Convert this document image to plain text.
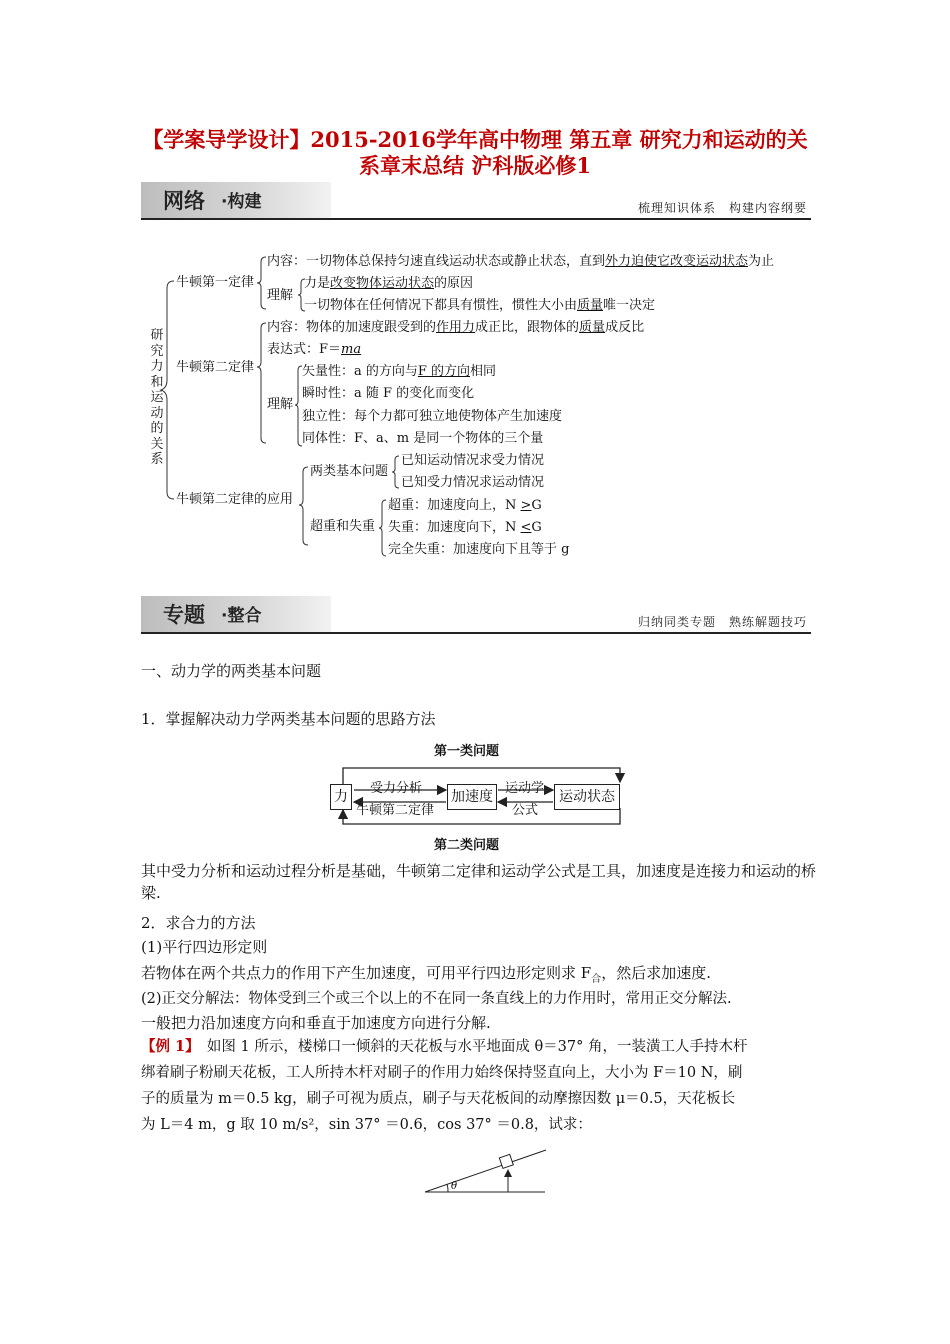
【学案导学设计】2015-2016学年高中物理 第五章 研究力和运动的关
系章末总结 沪科版必修1
网络 ·构建	梳理知识体系　构建内容纲要
研
究
力
和
运
动
的
关
系
牛顿第一定律
内容：一切物体总保持匀速直线运动状态或静止状态，直到外力迫使它改变运动状态为止
理解
力是改变物体运动状态的原因
一切物体在任何情况下都具有惯性，惯性大小由质量唯一决定
牛顿第二定律
内容：物体的加速度跟受到的作用力成正比，跟物体的质量成反比
表达式：F＝ma
理解
矢量性：a 的方向与F 的方向相同
瞬时性：a 随 F 的变化而变化
独立性：每个力都可独立地使物体产生加速度
同体性：F、a、m 是同一个物体的三个量
牛顿第二定律的应用
两类基本问题
已知运动情况求受力情况
已知受力情况求运动情况
超重和失重
超重：加速度向上，N >G
失重：加速度向下，N <G
完全失重：加速度向下且等于 g
专题 ·整合	归纳同类专题　熟练解题技巧
一、动力学的两类基本问题
1．掌握解决动力学两类基本问题的思路方法
第一类问题
第二类问题
力	加速度	运动状态
受力分析
牛顿第二定律
运动学
公式
其中受力分析和运动过程分析是基础，牛顿第二定律和运动学公式是工具，加速度是连接力和运动的桥梁.
2．求合力的方法
(1)平行四边形定则
若物体在两个共点力的作用下产生加速度，可用平行四边形定则求 $F_合$，然后求加速度.
(2)正交分解法：物体受到三个或三个以上的不在同一条直线上的力作用时，常用正交分解法.
一般把力沿加速度方向和垂直于加速度方向进行分解.
【例 1】　如图 1 所示，楼梯口一倾斜的天花板与水平地面成 θ＝37° 角，一装潢工人手持木杆
绑着刷子粉刷天花板，工人所持木杆对刷子的作用力始终保持竖直向上，大小为 F＝10 N，刷
子的质量为 m＝0.5 kg，刷子可视为质点，刷子与天花板间的动摩擦因数 μ＝0.5，天花板长
为 L＝4 m，g 取 10 m/s²，sin 37° ＝0.6，cos 37° ＝0.8，试求：
θ
